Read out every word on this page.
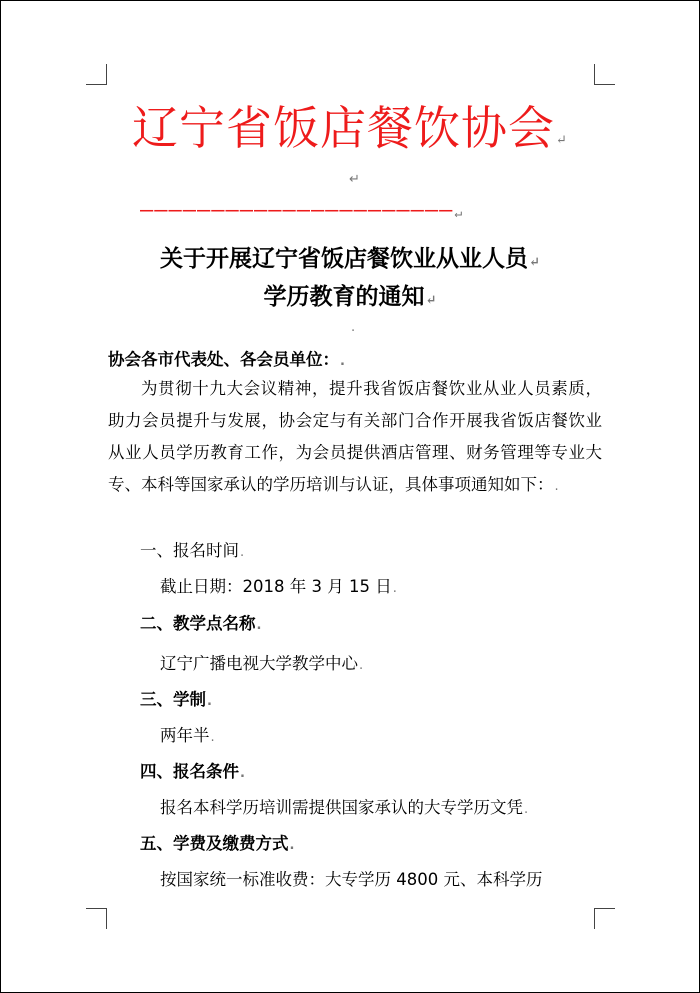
辽宁省饭店餐饮协会↵
↵
——————————————————————↵
关于开展辽宁省饭店餐饮业从业人员↵
学历教育的通知↵
.
协会各市代表处、各会员单位：.
为贯彻十九大会议精神，提升我省饭店餐饮业从业人员素质，助力会员提升与发展，协会定与有关部门合作开展我省饭店餐饮业从业人员学历教育工作，为会员提供酒店管理、财务管理等专业大专、本科等国家承认的学历培训与认证，具体事项通知如下：.
一、报名时间.
截止日期：2018 年 3 月 15 日.
二、教学点名称.
辽宁广播电视大学教学中心.
三、学制.
两年半.
四、报名条件.
报名本科学历培训需提供国家承认的大专学历文凭.
五、学费及缴费方式.
按国家统一标准收费：大专学历 4800 元、本科学历
